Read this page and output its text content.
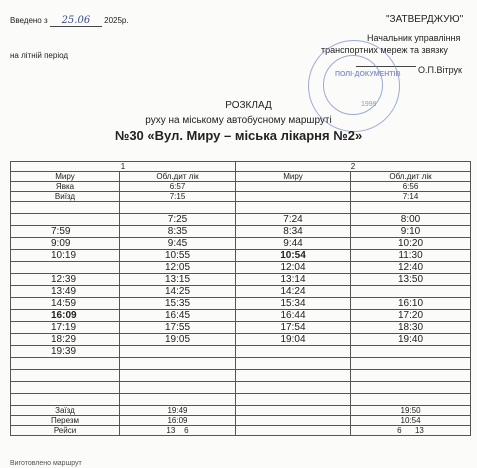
Введено з 25.06 2025р.
на літній період
"ЗАТВЕРДЖУЮ"
Начальник управління
транспортних мереж та звязку
О.П.Вітрук
ПОЛІ·ДОКУМЕНТІВ
1999
РОЗКЛАД
руху на міському автобусному маршруті
№30 «Вул. Миру – міська лікарня №2»
1		2	
Миру	Обл.дит лік	Миру	Обл.дит лік
Явка	6:57		6:56
Виїзд	7:15		7:14

	7:25	7:24	8:00
7:59	8:35	8:34	9:10
9:09	9:45	9:44	10:20
10:19	10:55	10:54	11:30
	12:05	12:04	12:40
12:39	13:15	13:14	13:50
13:49	14:25	14:24	
14:59	15:35	15:34	16:10
16:09	16:45	16:44	17:20
17:19	17:55	17:54	18:30
18:29	19:05	19:04	19:40
19:39			

Заїзд	19:49		19:50
Перезм	16:09		10:54
Рейси	13    6		6      13
Виготовлено маршрут
